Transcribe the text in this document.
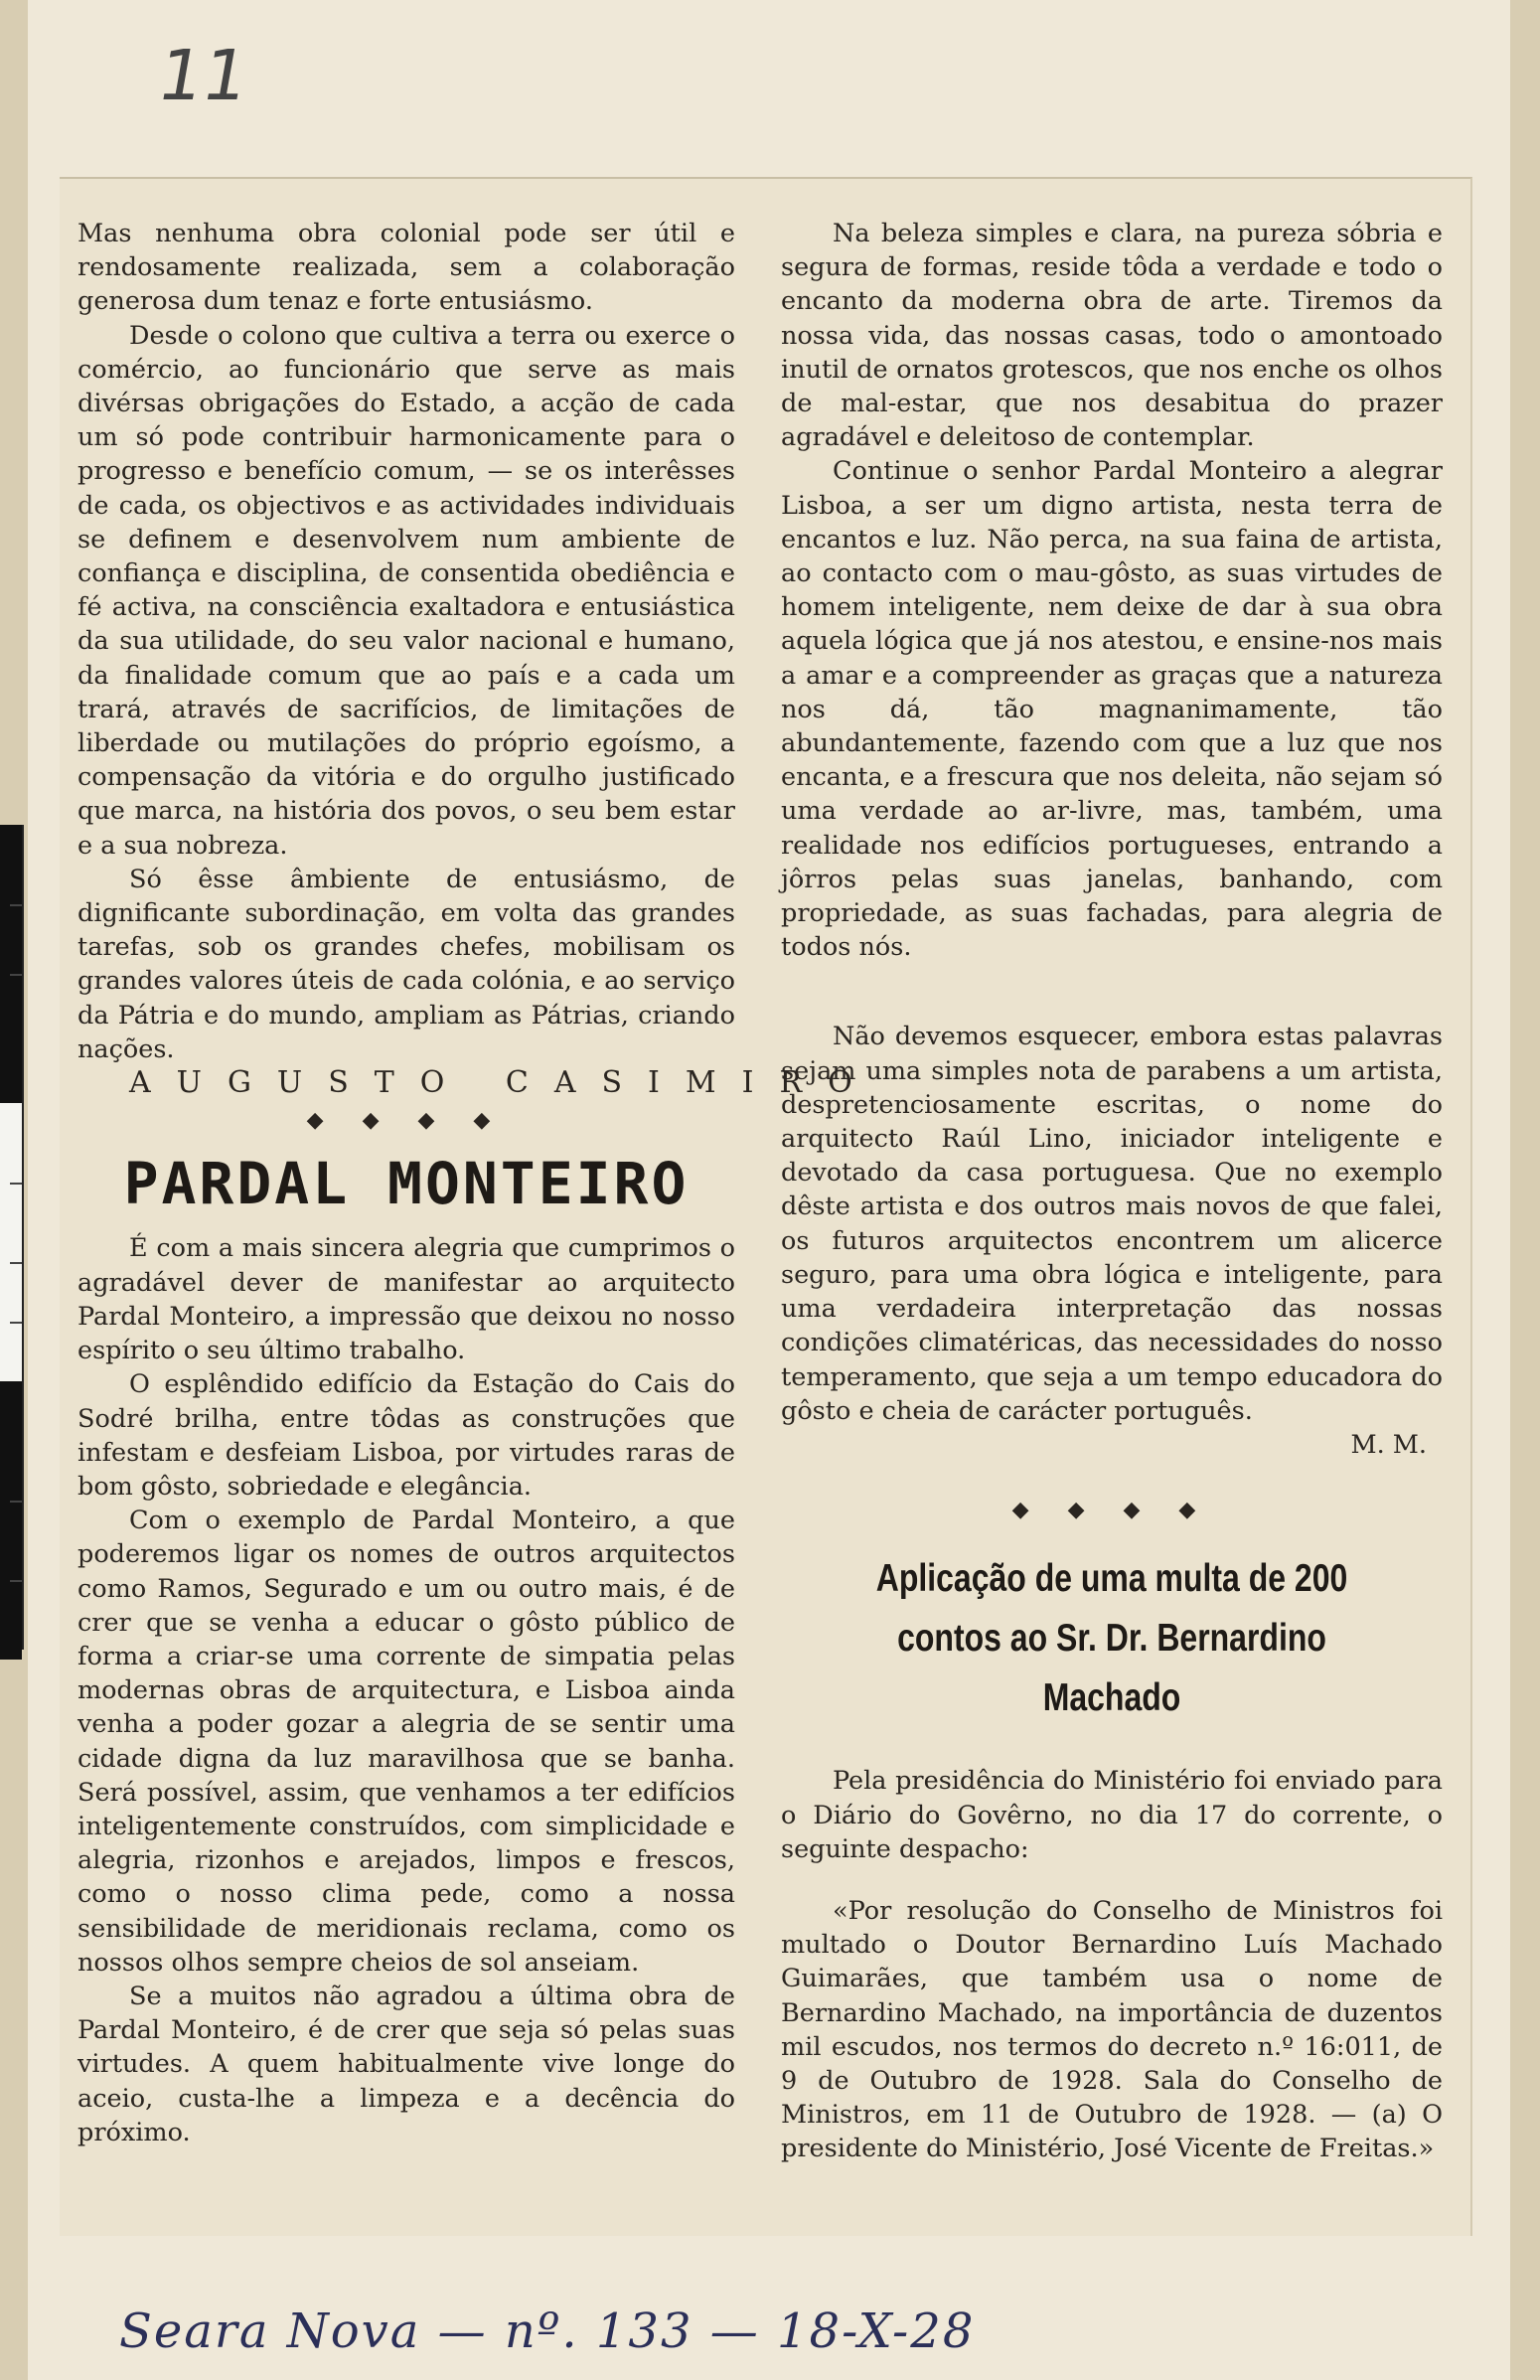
11

Mas nenhuma obra colonial pode ser útil e rendosamente realizada, sem a colaboração generosa dum tenaz e forte entusiásmo.

Desde o colono que cultiva a terra ou exerce o comércio, ao funcionário que serve as mais divérsas obrigações do Estado, a acção de cada um só pode contribuir harmonicamente para o progresso e benefício comum, — se os interêsses de cada, os objectivos e as actividades individuais se definem e desenvolvem num ambiente de confiança e disciplina, de consentida obediência e fé activa, na consciência exaltadora e entusiástica da sua utilidade, do seu valor nacional e humano, da finalidade comum que ao país e a cada um trará, através de sacrifícios, de limitações de liberdade ou mutilações do próprio egoísmo, a compensação da vitória e do orgulho justificado que marca, na história dos povos, o seu bem estar e a sua nobreza.

Só êsse âmbiente de entusiásmo, de dignificante subordinação, em volta das grandes tarefas, sob os grandes chefes, mobilisam os grandes valores úteis de cada colónia, e ao serviço da Pátria e do mundo, ampliam as Pátrias, criando nações.

AUGUSTO CASIMIRO

◆ ◆ ◆ ◆
PARDAL MONTEIRO

É com a mais sincera alegria que cumprimos o agradável dever de manifestar ao arquitecto Pardal Monteiro, a impressão que deixou no nosso espírito o seu último trabalho.

O esplêndido edifício da Estação do Cais do Sodré brilha, entre tôdas as construções que infestam e desfeiam Lisboa, por virtudes raras de bom gôsto, sobriedade e elegância.

Com o exemplo de Pardal Monteiro, a que poderemos ligar os nomes de outros arquitectos como Ramos, Segurado e um ou outro mais, é de crer que se venha a educar o gôsto público de forma a criar-se uma corrente de simpatia pelas modernas obras de arquitectura, e Lisboa ainda venha a poder gozar a alegria de se sentir uma cidade digna da luz maravilhosa que se banha. Será possível, assim, que venhamos a ter edifícios inteligentemente construídos, com simplicidade e alegria, rizonhos e arejados, limpos e frescos, como o nosso clima pede, como a nossa sensibilidade de meridionais reclama, como os nossos olhos sempre cheios de sol anseiam.

Se a muitos não agradou a última obra de Pardal Monteiro, é de crer que seja só pelas suas virtudes. A quem habitualmente vive longe do aceio, custa-lhe a limpeza e a decência do próximo.

Na beleza simples e clara, na pureza sóbria e segura de formas, reside tôda a verdade e todo o encanto da moderna obra de arte. Tiremos da nossa vida, das nossas casas, todo o amontoado inutil de ornatos grotescos, que nos enche os olhos de mal-estar, que nos desabitua do prazer agradável e deleitoso de contemplar.

Continue o senhor Pardal Monteiro a alegrar Lisboa, a ser um digno artista, nesta terra de encantos e luz. Não perca, na sua faina de artista, ao contacto com o mau-gôsto, as suas virtudes de homem inteligente, nem deixe de dar à sua obra aquela lógica que já nos atestou, e ensine-nos mais a amar e a compreender as graças que a natureza nos dá, tão magnanimamente, tão abundantemente, fazendo com que a luz que nos encanta, e a frescura que nos deleita, não sejam só uma verdade ao ar-livre, mas, também, uma realidade nos edifícios portugueses, entrando a jôrros pelas suas janelas, banhando, com propriedade, as suas fachadas, para alegria de todos nós.

Não devemos esquecer, embora estas palavras sejam uma simples nota de parabens a um artista, despretenciosamente escritas, o nome do arquitecto Raúl Lino, iniciador inteligente e devotado da casa portuguesa. Que no exemplo dêste artista e dos outros mais novos de que falei, os futuros arquitectos encontrem um alicerce seguro, para uma obra lógica e inteligente, para uma verdadeira interpretação das nossas condições climatéricas, das necessidades do nosso temperamento, que seja a um tempo educadora do gôsto e cheia de carácter português.

M. M.

◆ ◆ ◆ ◆
Aplicação de uma multa de 200 contos ao Sr. Dr. Bernardino Machado

Pela presidência do Ministério foi enviado para o Diário do Govêrno, no dia 17 do corrente, o seguinte despacho:

«Por resolução do Conselho de Ministros foi multado o Doutor Bernardino Luís Machado Guimarães, que também usa o nome de Bernardino Machado, na importância de duzentos mil escudos, nos termos do decreto n.º 16:011, de 9 de Outubro de 1928. Sala do Conselho de Ministros, em 11 de Outubro de 1928. — (a) O presidente do Ministério, José Vicente de Freitas.»

Seara Nova — nº. 133 — 18-X-28
